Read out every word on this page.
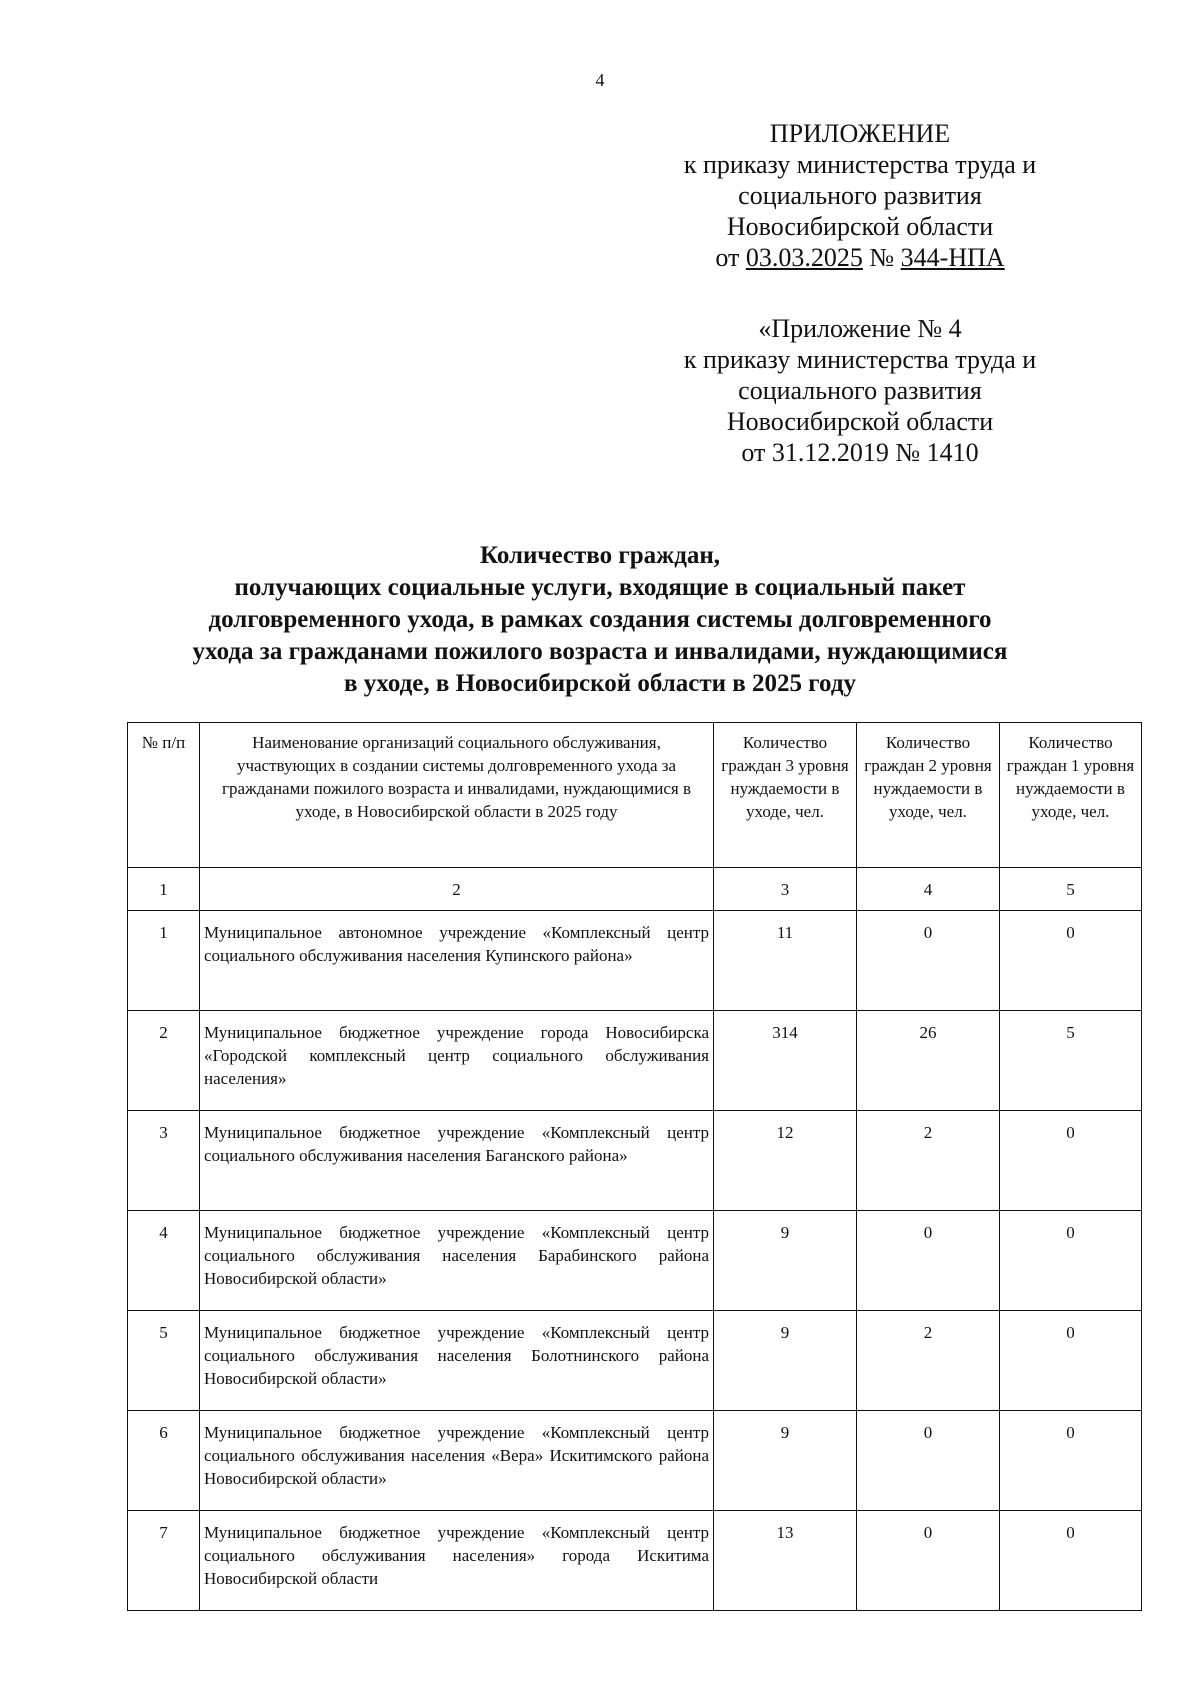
4
ПРИЛОЖЕНИЕ
к приказу министерства труда и
социального развития
Новосибирской области
от 03.03.2025 № 344-НПА
«Приложение № 4
к приказу министерства труда и
социального развития
Новосибирской области
от 31.12.2019 № 1410
Количество граждан,
получающих социальные услуги, входящие в социальный пакет
долговременного ухода, в рамках создания системы долговременного
ухода за гражданами пожилого возраста и инвалидами, нуждающимися
в уходе, в Новосибирской области в 2025 году
№ п/п	Наименование организаций социального обслуживания, участвующих в создании системы долговременного ухода за гражданами пожилого возраста и инвалидами, нуждающимися в уходе, в Новосибирской области в 2025 году	Количество граждан 3 уровня нуждаемости в уходе, чел.	Количество граждан 2 уровня нуждаемости в уходе, чел.	Количество граждан 1 уровня нуждаемости в уходе, чел.
1	2	3	4	5
1	Муниципальное автономное учреждение «Комплексный центр социального обслуживания населения Купинского района»	11	0	0
2	Муниципальное бюджетное учреждение города Новосибирска «Городской комплексный центр социального обслуживания населения»	314	26	5
3	Муниципальное бюджетное учреждение «Комплексный центр социального обслуживания населения Баганского района»	12	2	0
4	Муниципальное бюджетное учреждение «Комплексный центр социального обслуживания населения Барабинского района Новосибирской области»	9	0	0
5	Муниципальное бюджетное учреждение «Комплексный центр социального обслуживания населения Болотнинского района Новосибирской области»	9	2	0
6	Муниципальное бюджетное учреждение «Комплексный центр социального обслуживания населения «Вера» Искитимского района Новосибирской области»	9	0	0
7	Муниципальное бюджетное учреждение «Комплексный центр социального обслуживания населения» города Искитима Новосибирской области	13	0	0
